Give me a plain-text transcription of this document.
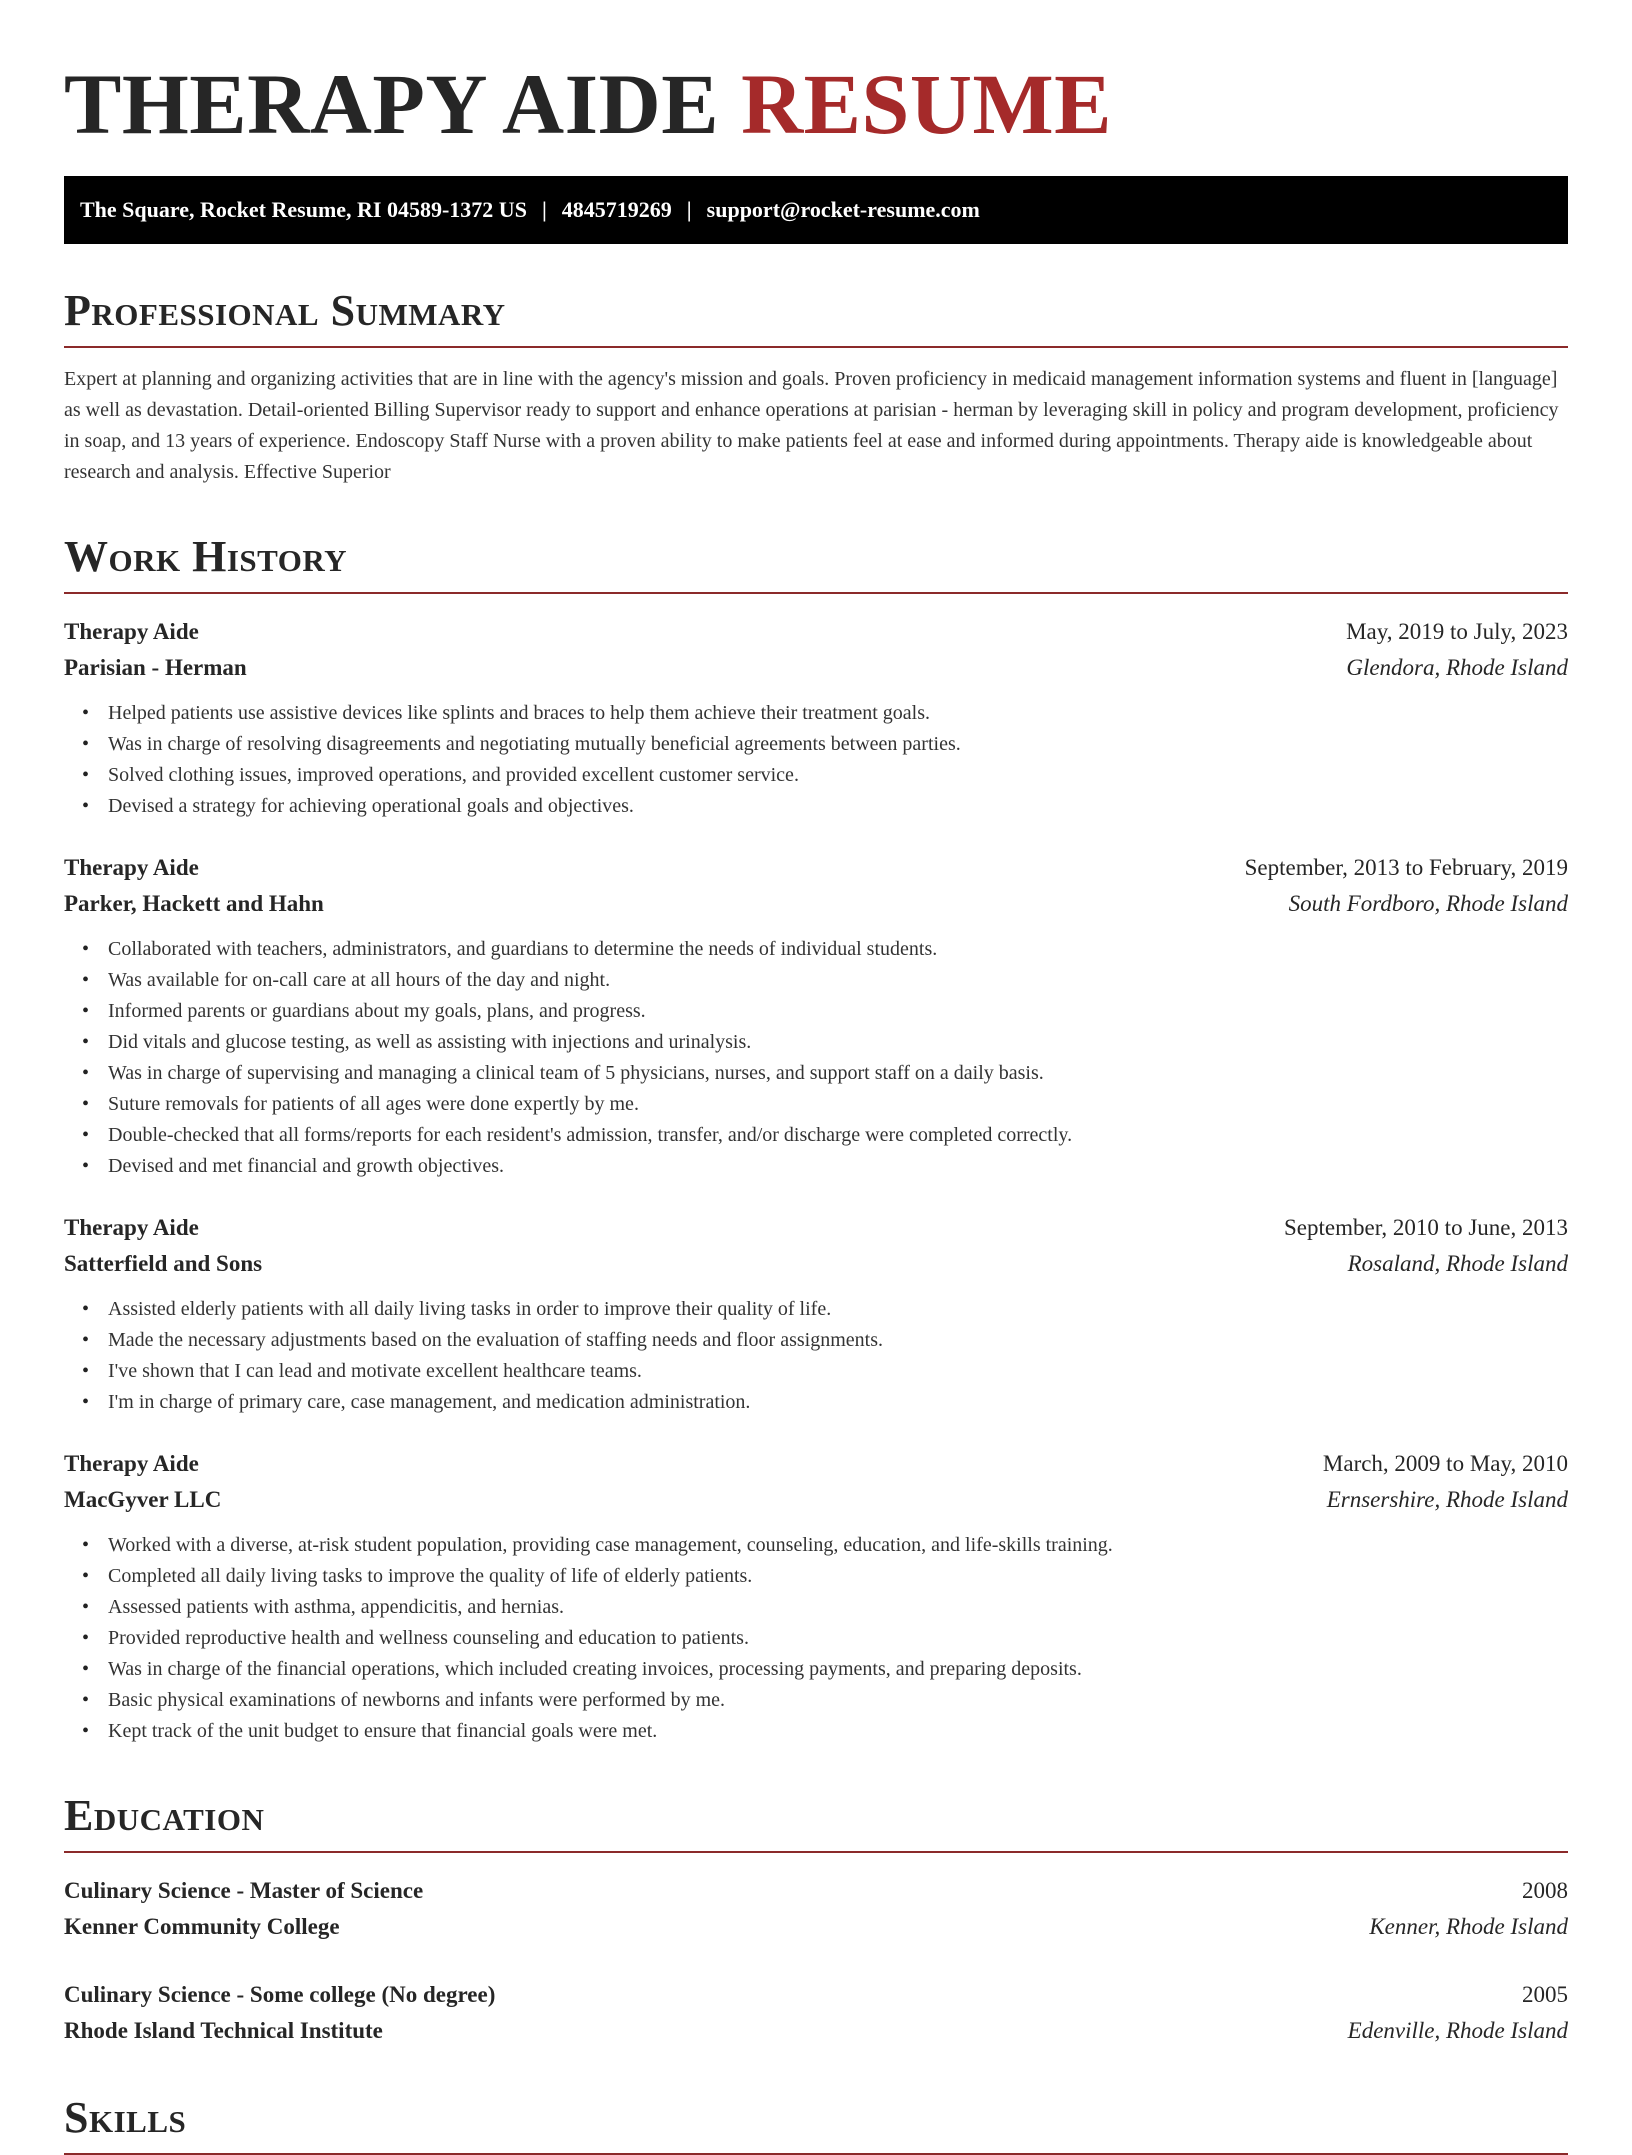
THERAPY AIDE RESUME
The Square, Rocket Resume, RI 04589-1372 US | 4845719269 | support@rocket-resume.com
Professional Summary

Expert at planning and organizing activities that are in line with the agency's mission and goals. Proven proficiency in medicaid management information systems and fluent in [language] as well as devastation. Detail-oriented Billing Supervisor ready to support and enhance operations at parisian - herman by leveraging skill in policy and program development, proficiency in soap, and 13 years of experience. Endoscopy Staff Nurse with a proven ability to make patients feel at ease and informed during appointments. Therapy aide is knowledgeable about research and analysis. Effective Superior

Work History
Therapy Aide	May, 2019 to July, 2023
Parisian - Herman	Glendora, Rhode Island
• Helped patients use assistive devices like splints and braces to help them achieve their treatment goals.
• Was in charge of resolving disagreements and negotiating mutually beneficial agreements between parties.
• Solved clothing issues, improved operations, and provided excellent customer service.
• Devised a strategy for achieving operational goals and objectives.
Therapy Aide	September, 2013 to February, 2019
Parker, Hackett and Hahn	South Fordboro, Rhode Island
• Collaborated with teachers, administrators, and guardians to determine the needs of individual students.
• Was available for on-call care at all hours of the day and night.
• Informed parents or guardians about my goals, plans, and progress.
• Did vitals and glucose testing, as well as assisting with injections and urinalysis.
• Was in charge of supervising and managing a clinical team of 5 physicians, nurses, and support staff on a daily basis.
• Suture removals for patients of all ages were done expertly by me.
• Double-checked that all forms/reports for each resident's admission, transfer, and/or discharge were completed correctly.
• Devised and met financial and growth objectives.
Therapy Aide	September, 2010 to June, 2013
Satterfield and Sons	Rosaland, Rhode Island
• Assisted elderly patients with all daily living tasks in order to improve their quality of life.
• Made the necessary adjustments based on the evaluation of staffing needs and floor assignments.
• I've shown that I can lead and motivate excellent healthcare teams.
• I'm in charge of primary care, case management, and medication administration.
Therapy Aide	March, 2009 to May, 2010
MacGyver LLC	Ernsershire, Rhode Island
• Worked with a diverse, at-risk student population, providing case management, counseling, education, and life-skills training.
• Completed all daily living tasks to improve the quality of life of elderly patients.
• Assessed patients with asthma, appendicitis, and hernias.
• Provided reproductive health and wellness counseling and education to patients.
• Was in charge of the financial operations, which included creating invoices, processing payments, and preparing deposits.
• Basic physical examinations of newborns and infants were performed by me.
• Kept track of the unit budget to ensure that financial goals were met.
Education
Culinary Science - Master of Science	2008
Kenner Community College	Kenner, Rhode Island
Culinary Science - Some college (No degree)	2005
Rhode Island Technical Institute	Edenville, Rhode Island
Skills
